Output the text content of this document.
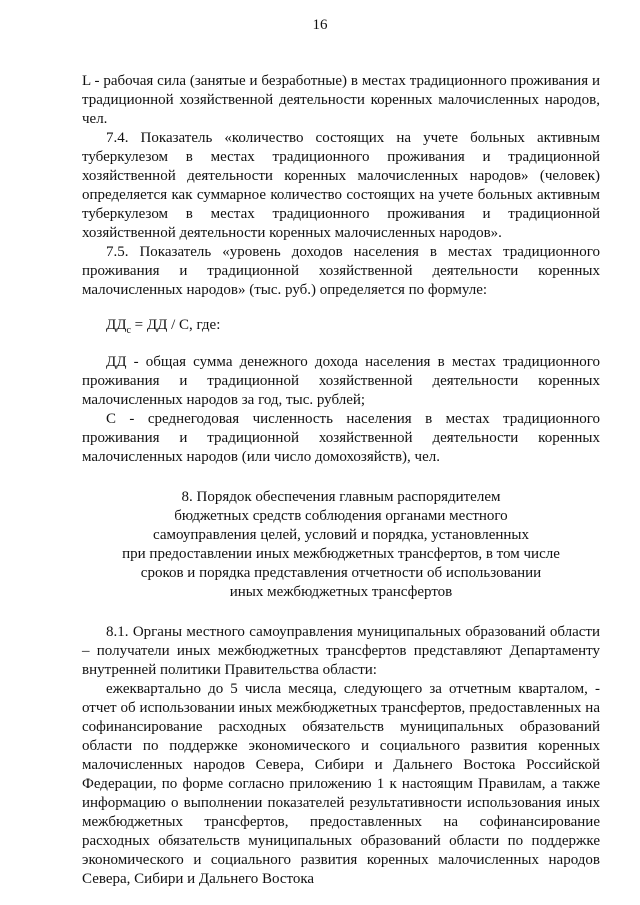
16

L - рабочая сила (занятые и безработные) в местах традиционного проживания и традиционной хозяйственной деятельности коренных малочисленных народов, чел.

7.4. Показатель «количество состоящих на учете больных активным туберкулезом в местах традиционного проживания и традиционной хозяйственной деятельности коренных малочисленных народов» (человек) определяется как суммарное количество состоящих на учете больных активным туберкулезом в местах традиционного проживания и традиционной хозяйственной деятельности коренных малочисленных народов».

7.5. Показатель «уровень доходов населения в местах традиционного проживания и традиционной хозяйственной деятельности коренных малочисленных народов» (тыс. руб.) определяется по формуле:

$ДД_с$ = ДД / С, где:

ДД - общая сумма денежного дохода населения в местах традиционного проживания и традиционной хозяйственной деятельности коренных малочисленных народов за год, тыс. рублей;

С - среднегодовая численность населения в местах традиционного проживания и традиционной хозяйственной деятельности коренных малочисленных народов (или число домохозяйств), чел.

8. Порядок обеспечения главным распорядителем
бюджетных средств соблюдения органами местного
самоуправления целей, условий и порядка, установленных
при предоставлении иных межбюджетных трансфертов, в том числе
сроков и порядка представления отчетности об использовании
иных межбюджетных трансфертов

8.1. Органы местного самоуправления муниципальных образований области – получатели иных межбюджетных трансфертов представляют Департаменту внутренней политики Правительства области:

ежеквартально до 5 числа месяца, следующего за отчетным кварталом, - отчет об использовании иных межбюджетных трансфертов, предоставленных на софинансирование расходных обязательств муниципальных образований области по поддержке экономического и социального развития коренных малочисленных народов Севера, Сибири и Дальнего Востока Российской Федерации, по форме согласно приложению 1 к настоящим Правилам, а также информацию о выполнении показателей результативности использования иных межбюджетных трансфертов, предоставленных на софинансирование расходных обязательств муниципальных образований области по поддержке экономического и социального развития коренных малочисленных народов Севера, Сибири и Дальнего Востока
